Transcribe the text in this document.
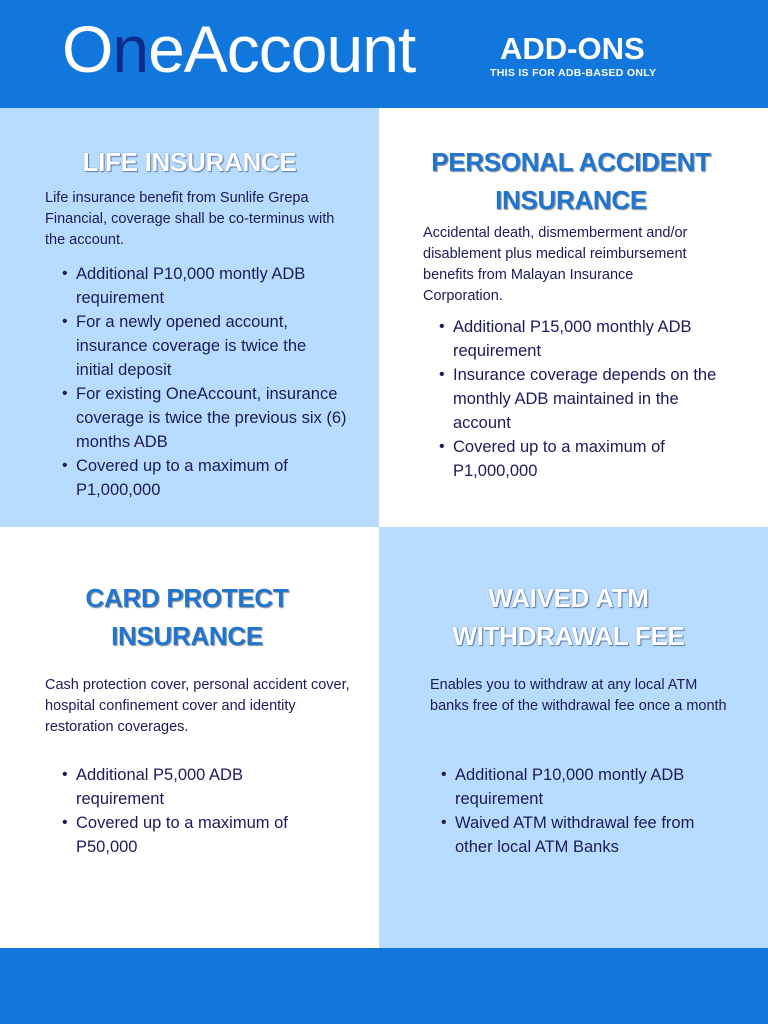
OneAccount	ADD-ONS
THIS IS FOR ADB-BASED ONLY
LIFE INSURANCE

Life insurance benefit from Sunlife Grepa Financial, coverage shall be co-terminus with the account.

• Additional P10,000 montly ADB requirement
• For a newly opened account, insurance coverage is twice the initial deposit
• For existing OneAccount, insurance coverage is twice the previous six (6) months ADB
• Covered up to a maximum of P1,000,000
PERSONAL ACCIDENT
INSURANCE

Accidental death, dismemberment and/or disablement plus medical reimbursement benefits from Malayan Insurance Corporation.

• Additional P15,000 monthly ADB requirement
• Insurance coverage depends on the monthly ADB maintained in the account
• Covered up to a maximum of P1,000,000
CARD PROTECT
INSURANCE

Cash protection cover, personal accident cover, hospital confinement cover and identity restoration coverages.

• Additional P5,000 ADB requirement
• Covered up to a maximum of P50,000
WAIVED ATM
WITHDRAWAL FEE

Enables you to withdraw at any local ATM banks free of the withdrawal fee once a month

• Additional P10,000 montly ADB requirement
• Waived ATM withdrawal fee from other local ATM Banks
